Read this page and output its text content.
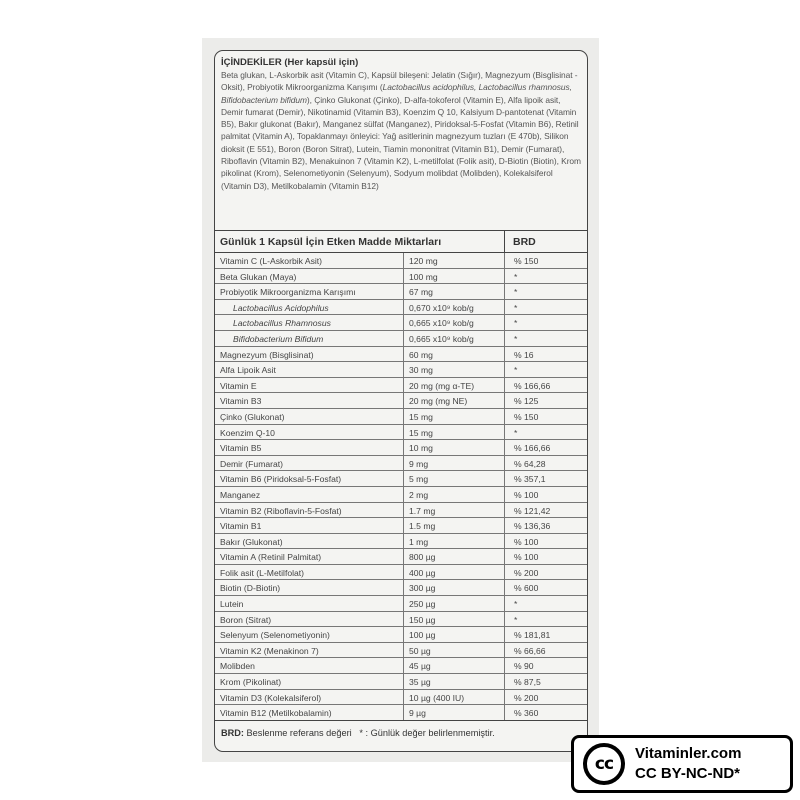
İÇİNDEKİLER (Her kapsül için)
Beta glukan, L-Askorbik asit (Vitamin C), Kapsül bileşeni: Jelatin (Sığır), Magnezyum (Bisglisinat - Oksit), Probiyotik Mikroorganizma Karışımı (Lactobacillus acidophilus, Lactobacillus rhamnosus, Bifidobacterium bifidum), Çinko Glukonat (Çinko), D-alfa-tokoferol (Vitamin E), Alfa lipoik asit, Demir fumarat (Demir), Nikotinamid (Vitamin B3), Koenzim Q 10, Kalsiyum D-pantotenat (Vitamin B5), Bakır glukonat (Bakır), Manganez sülfat (Manganez), Piridoksal-5-Fosfat (Vitamin B6), Retinil palmitat (Vitamin A), Topaklanmayı önleyici: Yağ asitlerinin magnezyum tuzları (E 470b), Silikon dioksit (E 551), Boron (Boron Sitrat), Lutein, Tiamin mononitrat (Vitamin B1), Demir (Fumarat), Riboflavin (Vitamin B2), Menakuinon 7 (Vitamin K2), L-metilfolat (Folik asit), D-Biotin (Biotin), Krom pikolinat (Krom), Selenometiyonin (Selenyum), Sodyum molibdat (Molibden), Kolekalsiferol (Vitamin D3), Metilkobalamin (Vitamin B12)
Günlük 1 Kapsül İçin Etken Madde Miktarları	BRD
Vitamin C (L-Askorbik Asit)	120 mg	% 150
Beta Glukan (Maya)	100 mg	*
Probiyotik Mikroorganizma Karışımı	67 mg	*
Lactobacillus Acidophilus	0,670 x10⁹ kob/g	*
Lactobacillus Rhamnosus	0,665 x10⁹ kob/g	*
Bifidobacterium Bifidum	0,665 x10⁹ kob/g	*
Magnezyum (Bisglisinat)	60 mg	% 16
Alfa Lipoik Asit	30 mg	*
Vitamin E	20 mg (mg α-TE)	% 166,66
Vitamin B3	20 mg (mg NE)	% 125
Çinko (Glukonat)	15 mg	% 150
Koenzim Q-10	15 mg	*
Vitamin B5	10 mg	% 166,66
Demir (Fumarat)	9 mg	% 64,28
Vitamin B6 (Piridoksal-5-Fosfat)	5 mg	% 357,1
Manganez	2 mg	% 100
Vitamin B2 (Riboflavin-5-Fosfat)	1.7 mg	% 121,42
Vitamin B1	1.5 mg	% 136,36
Bakır (Glukonat)	1 mg	% 100
Vitamin A (Retinil Palmitat)	800 µg	% 100
Folik asit (L-Metilfolat)	400 µg	% 200
Biotin (D-Biotin)	300 µg	% 600
Lutein	250 µg	*
Boron (Sitrat)	150 µg	*
Selenyum (Selenometiyonin)	100 µg	% 181,81
Vitamin K2 (Menakinon 7)	50 µg	% 66,66
Molibden	45 µg	% 90
Krom (Pikolinat)	35 µg	% 87,5
Vitamin D3 (Kolekalsiferol)	10 µg (400 IU)	% 200
Vitamin B12 (Metilkobalamin)	9 µg	% 360
BRD: Beslenme referans değeri * : Günlük değer belirlenmemiştir.
cc
Vitaminler.com
CC BY-NC-ND*
